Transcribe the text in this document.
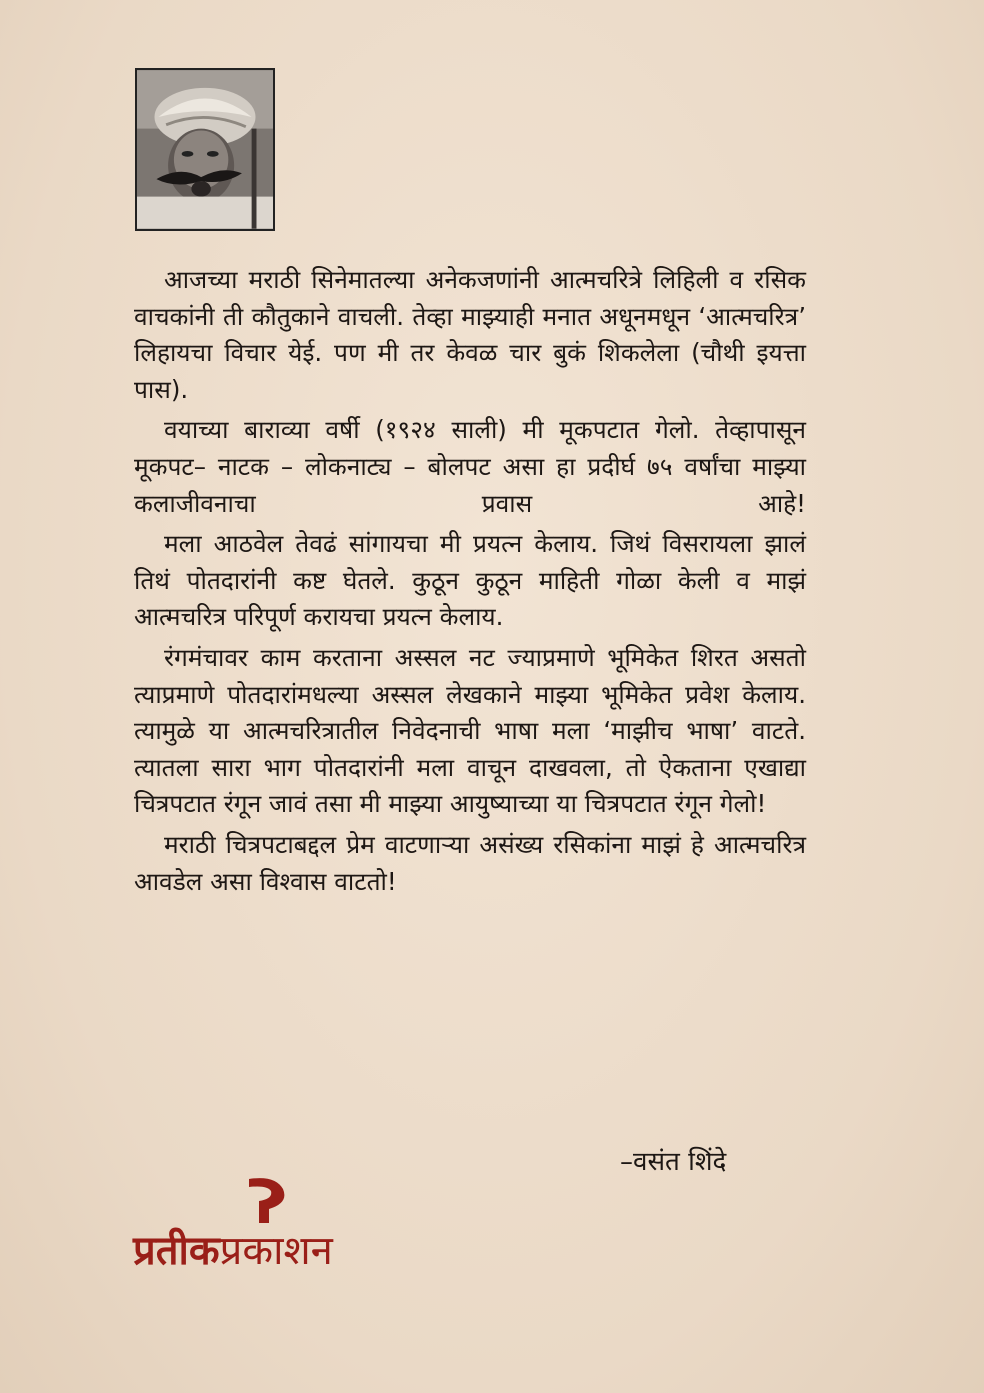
आजच्या मराठी सिनेमातल्या अनेकजणांनी आत्मचरित्रे लिहिली व रसिक वाचकांनी ती कौतुकाने वाचली. तेव्हा माझ्याही मनात अधूनमधून ‘आत्मचरित्र’ लिहायचा विचार येई. पण मी तर केवळ चार बुकं शिकलेला (चौथी इयत्ता पास).

वयाच्या बाराव्या वर्षी (१९२४ साली) मी मूकपटात गेलो. तेव्हापासून मूकपट– नाटक – लोकनाट्य – बोलपट असा हा प्रदीर्घ ७५ वर्षांचा माझ्या कलाजीवनाचा प्रवास आहे!

मला आठवेल तेवढं सांगायचा मी प्रयत्न केलाय. जिथं विसरायला झालं तिथं पोतदारांनी कष्ट घेतले. कुठून कुठून माहिती गोळा केली व माझं आत्मचरित्र परिपूर्ण करायचा प्रयत्न केलाय.

रंगमंचावर काम करताना अस्सल नट ज्याप्रमाणे भूमिकेत शिरत असतो त्याप्रमाणे पोतदारांमधल्या अस्सल लेखकाने माझ्या भूमिकेत प्रवेश केलाय. त्यामुळे या आत्मचरित्रातील निवेदनाची भाषा मला ‘माझीच भाषा’ वाटते. त्यातला सारा भाग पोतदारांनी मला वाचून दाखवला, तो ऐकताना एखाद्या चित्रपटात रंगून जावं तसा मी माझ्या आयुष्याच्या या चित्रपटात रंगून गेलो!

मराठी चित्रपटाबद्दल प्रेम वाटणाऱ्या असंख्य रसिकांना माझं हे आत्मचरित्र आवडेल असा विश्वास वाटतो!

–वसंत शिंदे
प्रतीकप्रकाशन
